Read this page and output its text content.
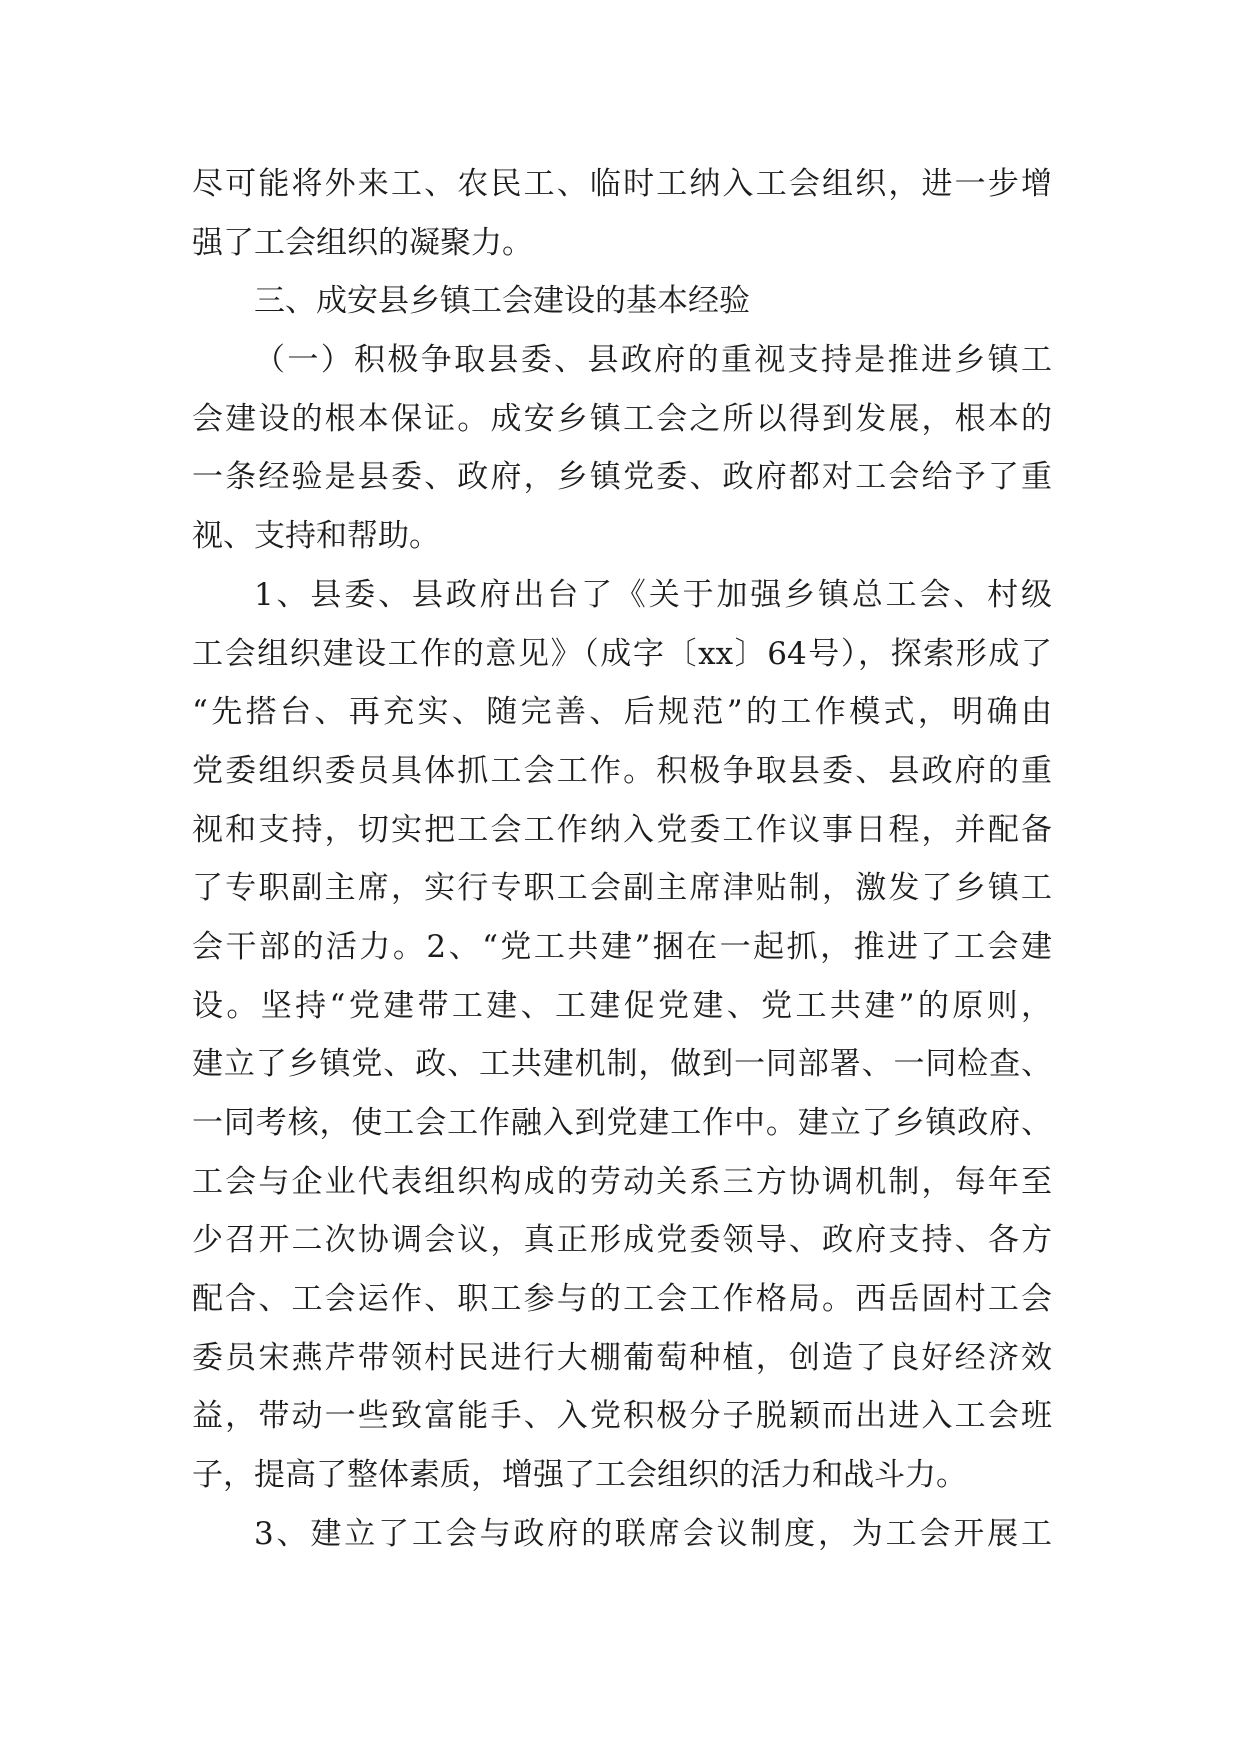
尽可能将外来工、农民工、临时工纳入工会组织，进一步增
强了工会组织的凝聚力。
三、成安县乡镇工会建设的基本经验
（一）积极争取县委、县政府的重视支持是推进乡镇工
会建设的根本保证。成安乡镇工会之所以得到发展，根本的
一条经验是县委、政府，乡镇党委、政府都对工会给予了重
视、支持和帮助。
1、县委、县政府出台了《关于加强乡镇总工会、村级
工会组织建设工作的意见》（成字〔xx〕64号），探索形成了
“先搭台、再充实、随完善、后规范”的工作模式，明确由
党委组织委员具体抓工会工作。积极争取县委、县政府的重
视和支持，切实把工会工作纳入党委工作议事日程，并配备
了专职副主席，实行专职工会副主席津贴制，激发了乡镇工
会干部的活力。2、“党工共建”捆在一起抓，推进了工会建
设。坚持“党建带工建、工建促党建、党工共建”的原则，
建立了乡镇党、政、工共建机制，做到一同部署、一同检查、
一同考核，使工会工作融入到党建工作中。建立了乡镇政府、
工会与企业代表组织构成的劳动关系三方协调机制，每年至
少召开二次协调会议，真正形成党委领导、政府支持、各方
配合、工会运作、职工参与的工会工作格局。西岳固村工会
委员宋燕芹带领村民进行大棚葡萄种植，创造了良好经济效
益，带动一些致富能手、入党积极分子脱颖而出进入工会班
子，提高了整体素质，增强了工会组织的活力和战斗力。
3、建立了工会与政府的联席会议制度，为工会开展工
